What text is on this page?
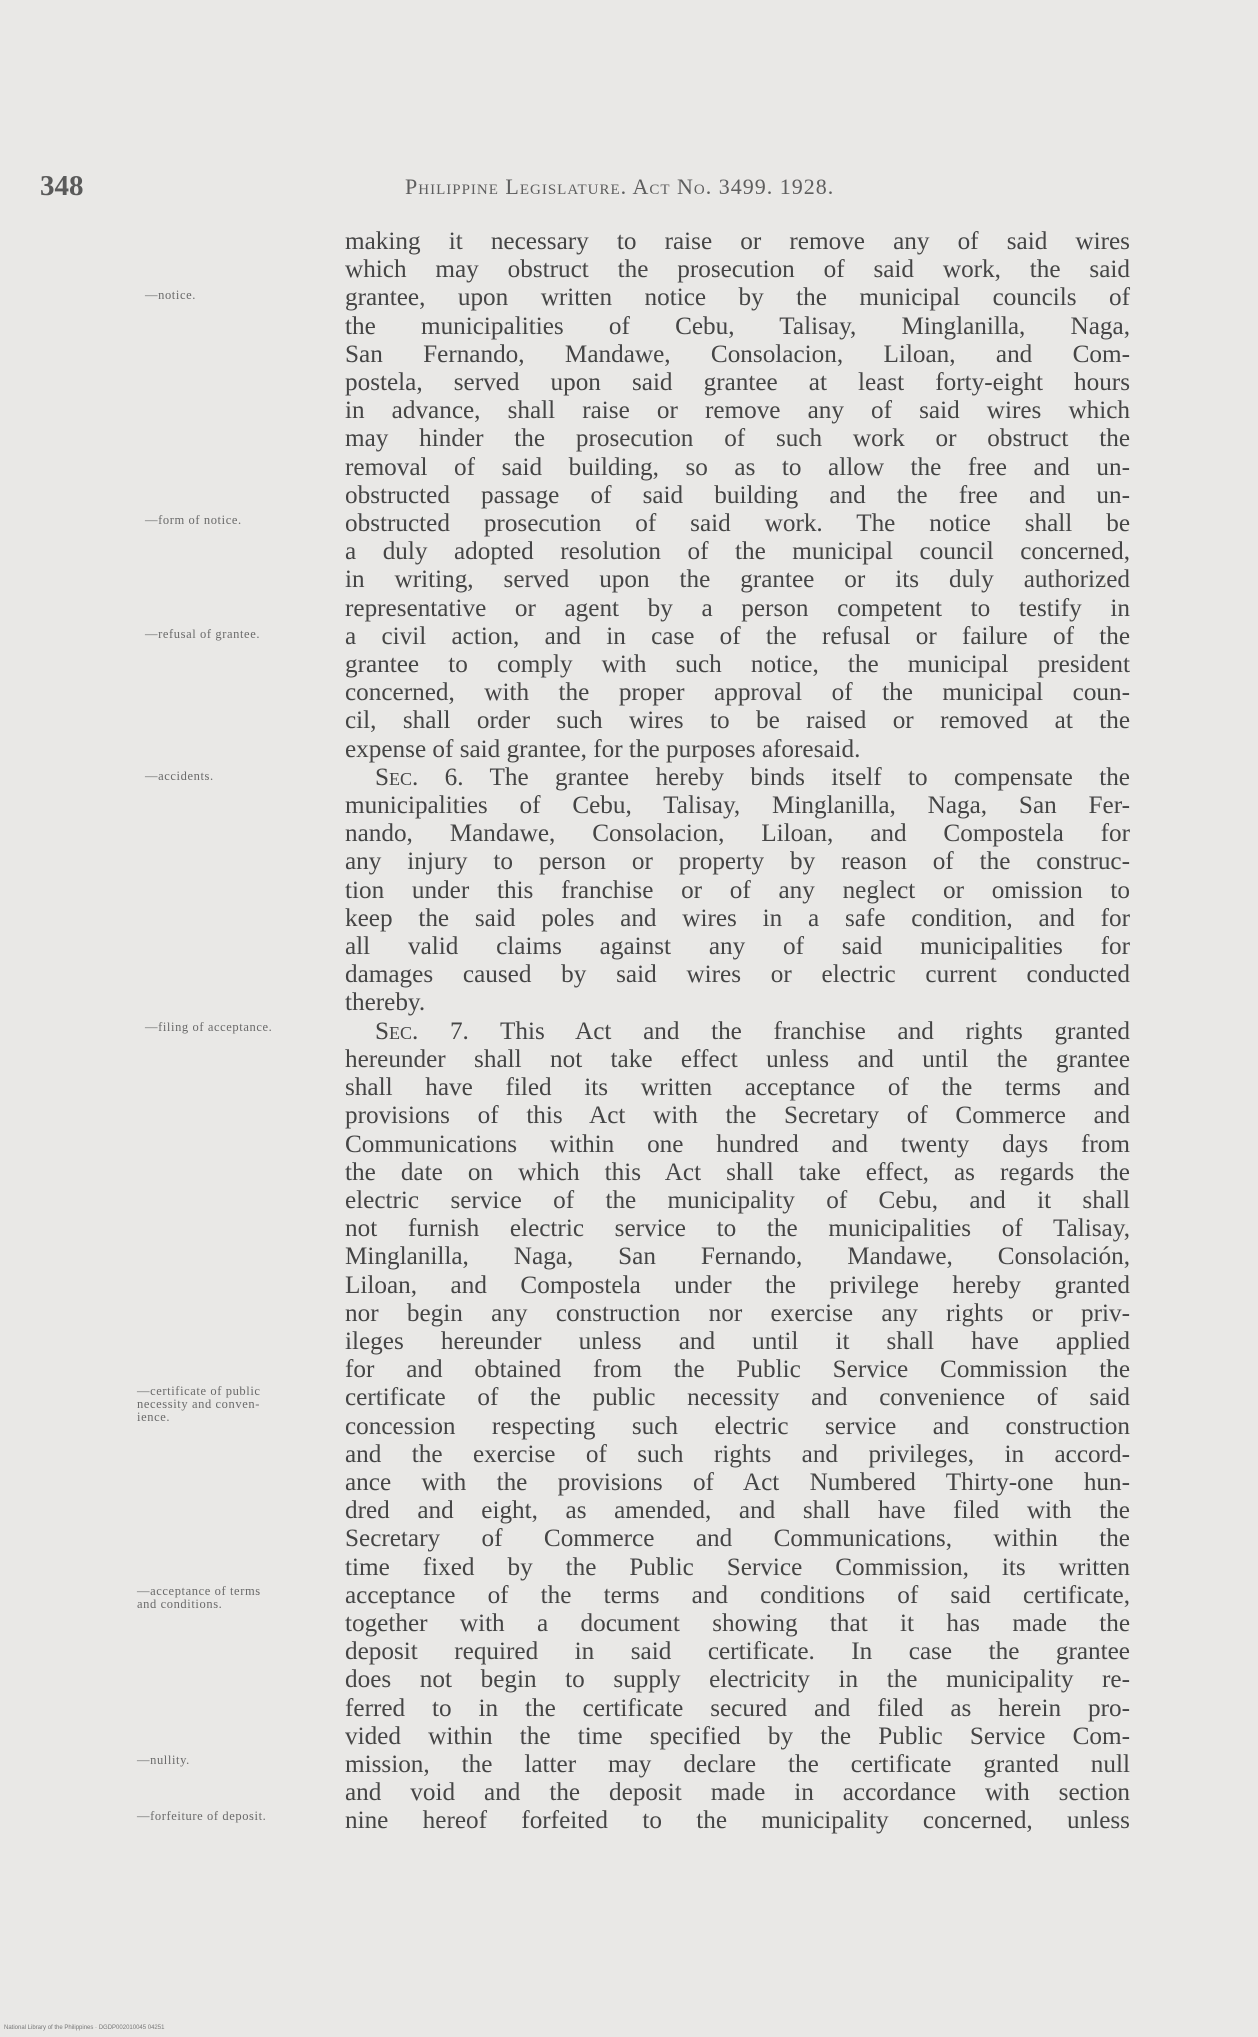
348	Philippine Legislature. Act No. 3499. 1928.
—notice.
—form of notice.
—refusal of grantee.
—accidents.
—filing of acceptance.
—certificate of public
necessity and conven-
ience.
—acceptance of terms
and conditions.
—nullity.
—forfeiture of deposit.
making it necessary to raise or remove any of said wires
which may obstruct the prosecution of said work, the said
grantee, upon written notice by the municipal councils of
the municipalities of Cebu, Talisay, Minglanilla, Naga,
San Fernando, Mandawe, Consolacion, Liloan, and Com-
postela, served upon said grantee at least forty-eight hours
in advance, shall raise or remove any of said wires which
may hinder the prosecution of such work or obstruct the
removal of said building, so as to allow the free and un-
obstructed passage of said building and the free and un-
obstructed prosecution of said work. The notice shall be
a duly adopted resolution of the municipal council concerned,
in writing, served upon the grantee or its duly authorized
representative or agent by a person competent to testify in
a civil action, and in case of the refusal or failure of the
grantee to comply with such notice, the municipal president
concerned, with the proper approval of the municipal coun-
cil, shall order such wires to be raised or removed at the
expense of said grantee, for the purposes aforesaid.
Sec. 6. The grantee hereby binds itself to compensate the
municipalities of Cebu, Talisay, Minglanilla, Naga, San Fer-
nando, Mandawe, Consolacion, Liloan, and Compostela for
any injury to person or property by reason of the construc-
tion under this franchise or of any neglect or omission to
keep the said poles and wires in a safe condition, and for
all valid claims against any of said municipalities for
damages caused by said wires or electric current conducted
thereby.
Sec. 7. This Act and the franchise and rights granted
hereunder shall not take effect unless and until the grantee
shall have filed its written acceptance of the terms and
provisions of this Act with the Secretary of Commerce and
Communications within one hundred and twenty days from
the date on which this Act shall take effect, as regards the
electric service of the municipality of Cebu, and it shall
not furnish electric service to the municipalities of Talisay,
Minglanilla, Naga, San Fernando, Mandawe, Consolación,
Liloan, and Compostela under the privilege hereby granted
nor begin any construction nor exercise any rights or priv-
ileges hereunder unless and until it shall have applied
for and obtained from the Public Service Commission the
certificate of the public necessity and convenience of said
concession respecting such electric service and construction
and the exercise of such rights and privileges, in accord-
ance with the provisions of Act Numbered Thirty-one hun-
dred and eight, as amended, and shall have filed with the
Secretary of Commerce and Communications, within the
time fixed by the Public Service Commission, its written
acceptance of the terms and conditions of said certificate,
together with a document showing that it has made the
deposit required in said certificate. In case the grantee
does not begin to supply electricity in the municipality re-
ferred to in the certificate secured and filed as herein pro-
vided within the time specified by the Public Service Com-
mission, the latter may declare the certificate granted null
and void and the deposit made in accordance with section
nine hereof forfeited to the municipality concerned, unless
National Library of the Philippines · DGDP002010045 04251
